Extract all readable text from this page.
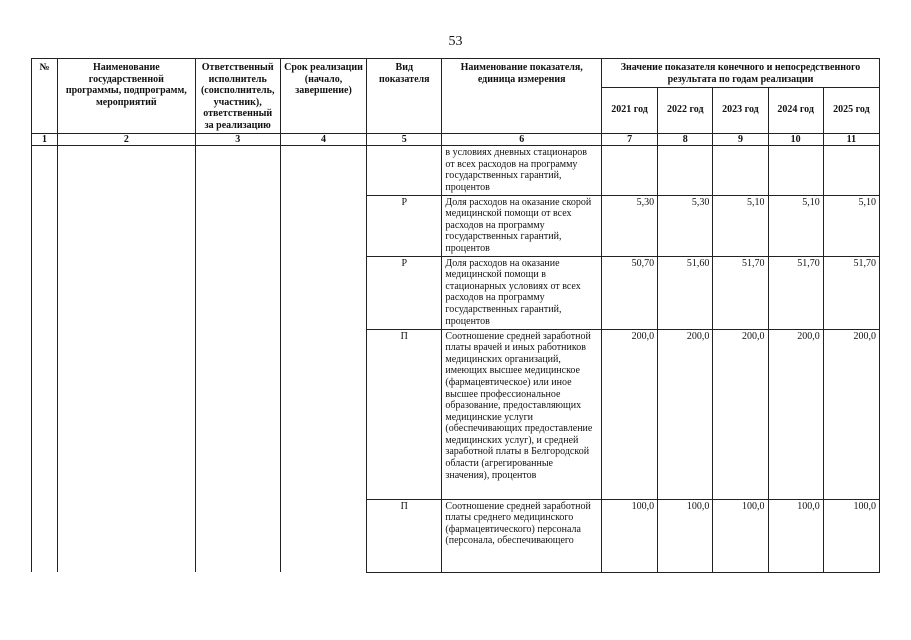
53
№	Наименование государственной программы, подпрограмм, мероприятий	Ответственный исполнитель (соисполнитель, участник), ответственный за реализацию	Срок реализации (начало, завершение)	Вид показателя	Наименование показателя, единица измерения	Значение показателя конечного и непосредственного результата по годам реализации				
						2021 год	2022 год	2023 год	2024 год	2025 год
1	2	3	4	5	6	7	8	9	10	11
					в условиях дневных стационаров от всех расходов на программу государственных гарантий, процентов					
				Р	Доля расходов на оказание скорой медицинской помощи от всех расходов на программу государственных гарантий, процентов	5,30	5,30	5,10	5,10	5,10
				Р	Доля расходов на оказание медицинской помощи в стационарных условиях от всех расходов на программу государственных гарантий, процентов	50,70	51,60	51,70	51,70	51,70
				П	Соотношение средней заработной платы врачей и иных работников медицинских организаций, имеющих высшее медицинское (фармацевтическое) или иное высшее профессиональное образование, предоставляющих медицинские услуги (обеспечивающих предоставление медицинских услуг), и средней заработной платы в Белгородской области (агрегированные значения), процентов	200,0	200,0	200,0	200,0	200,0
				П	Соотношение средней заработной платы среднего медицинского (фармацевтического) персонала (персонала, обеспечивающего	100,0	100,0	100,0	100,0	100,0
